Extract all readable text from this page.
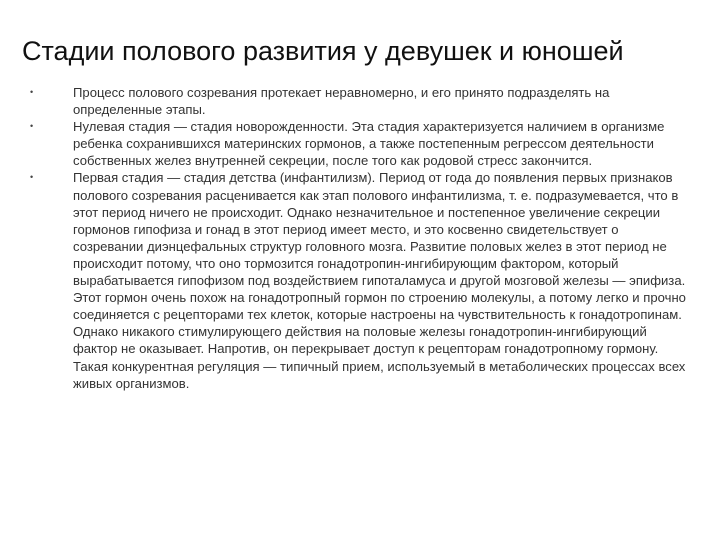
Стадии полового развития у девушек и юношей
•	Процесс полового созревания протекает неравномерно, и его принято подразделять на определенные этапы.
•	Нулевая стадия — стадия новорожденности. Эта стадия характеризуется наличием в организме ребенка сохранившихся материнских гормонов, а также постепенным регрессом деятельности собственных желез внутренней секреции, после того как родовой стресс закончится.
•	Первая стадия — стадия детства (инфантилизм). Период от года до появления первых признаков полового созревания расценивается как этап полового инфантилизма, т. е. подразумевается, что в этот период ничего не происходит. Однако незначительное и постепенное увеличение секреции гормонов гипофиза и гонад в этот период имеет место, и это косвенно свидетельствует о созревании диэнцефальных структур головного мозга. Развитие половых желез в этот период не происходит потому, что оно тормозится гонадотропин-ингибирующим фактором, который вырабатывается гипофизом под воздействием гипоталамуса и другой мозговой железы — эпифиза. Этот гормон очень похож на гонадотропный гормон по строению молекулы, а потому легко и прочно соединяется с рецепторами тех клеток, которые настроены на чувствительность к гонадотропинам. Однако никакого стимулирующего действия на половые железы гонадотропин-ингибирующий фактор не оказывает. Напротив, он перекрывает доступ к рецепторам гонадотропному гормону. Такая конкурентная регуляция — типичный прием, используемый в метаболических процессах всех живых организмов.
